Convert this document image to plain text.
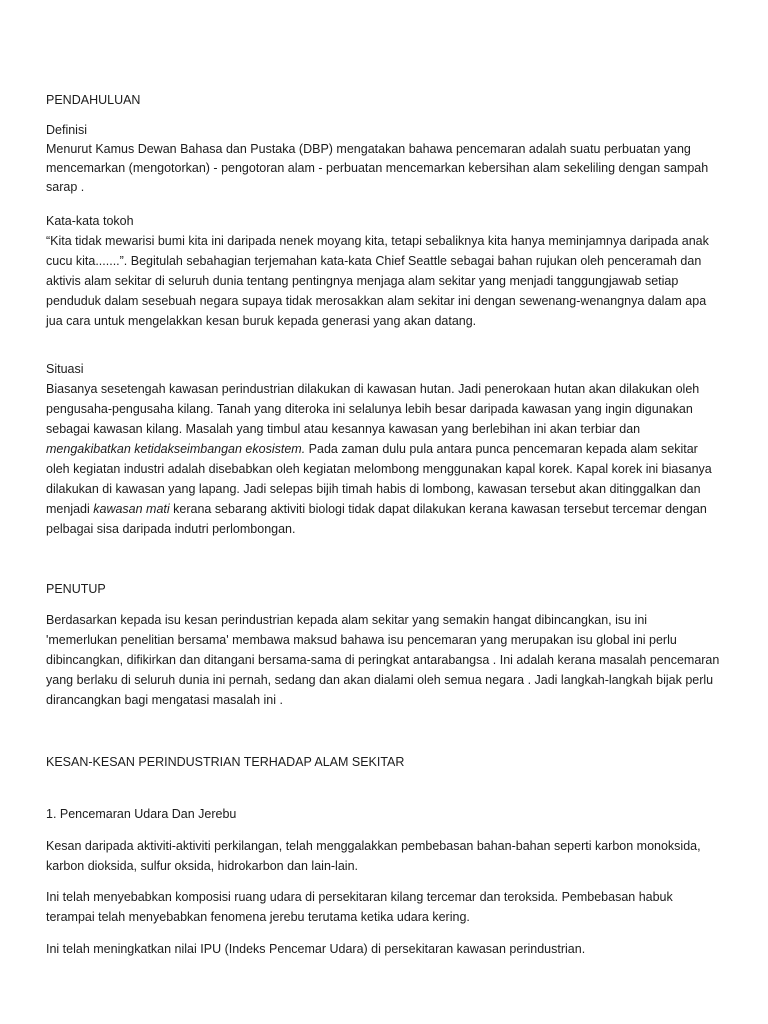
PENDAHULUAN
Definisi
Menurut Kamus Dewan Bahasa dan Pustaka (DBP) mengatakan bahawa pencemaran adalah suatu perbuatan yang
mencemarkan (mengotorkan) - pengotoran alam - perbuatan mencemarkan kebersihan alam sekeliling dengan sampah
sarap .
Kata-kata tokoh
“Kita tidak mewarisi bumi kita ini daripada nenek moyang kita, tetapi sebaliknya kita hanya meminjamnya daripada anak
cucu kita.......”. Begitulah sebahagian terjemahan kata-kata Chief Seattle sebagai bahan rujukan oleh penceramah dan
aktivis alam sekitar di seluruh dunia tentang pentingnya menjaga alam sekitar yang menjadi tanggungjawab setiap
penduduk dalam sesebuah negara supaya tidak merosakkan alam sekitar ini dengan sewenang-wenangnya dalam apa
jua cara untuk mengelakkan kesan buruk kepada generasi yang akan datang.
Situasi
Biasanya sesetengah kawasan perindustrian dilakukan di kawasan hutan. Jadi penerokaan hutan akan dilakukan oleh
pengusaha-pengusaha kilang. Tanah yang diteroka ini selalunya lebih besar daripada kawasan yang ingin digunakan
sebagai kawasan kilang. Masalah yang timbul atau kesannya kawasan yang berlebihan ini akan terbiar dan
mengakibatkan ketidakseimbangan ekosistem. Pada zaman dulu pula antara punca pencemaran kepada alam sekitar
oleh kegiatan industri adalah disebabkan oleh kegiatan melombong menggunakan kapal korek. Kapal korek ini biasanya
dilakukan di kawasan yang lapang. Jadi selepas bijih timah habis di lombong, kawasan tersebut akan ditinggalkan dan
menjadi kawasan mati kerana sebarang aktiviti biologi tidak dapat dilakukan kerana kawasan tersebut tercemar dengan
pelbagai sisa daripada indutri perlombongan.
PENUTUP
Berdasarkan kepada isu kesan perindustrian kepada alam sekitar yang semakin hangat dibincangkan, isu ini
'memerlukan penelitian bersama' membawa maksud bahawa isu pencemaran yang merupakan isu global ini perlu
dibincangkan, difikirkan dan ditangani bersama-sama di peringkat antarabangsa . Ini adalah kerana masalah pencemaran
yang berlaku di seluruh dunia ini pernah, sedang dan akan dialami oleh semua negara . Jadi langkah-langkah bijak perlu
dirancangkan bagi mengatasi masalah ini .
KESAN-KESAN PERINDUSTRIAN TERHADAP ALAM SEKITAR
1. Pencemaran Udara Dan Jerebu
Kesan daripada aktiviti-aktiviti perkilangan, telah menggalakkan pembebasan bahan-bahan seperti karbon monoksida,
karbon dioksida, sulfur oksida, hidrokarbon dan lain-lain.
Ini telah menyebabkan komposisi ruang udara di persekitaran kilang tercemar dan teroksida. Pembebasan habuk
terampai telah menyebabkan fenomena jerebu terutama ketika udara kering.
Ini telah meningkatkan nilai IPU (Indeks Pencemar Udara) di persekitaran kawasan perindustrian.
